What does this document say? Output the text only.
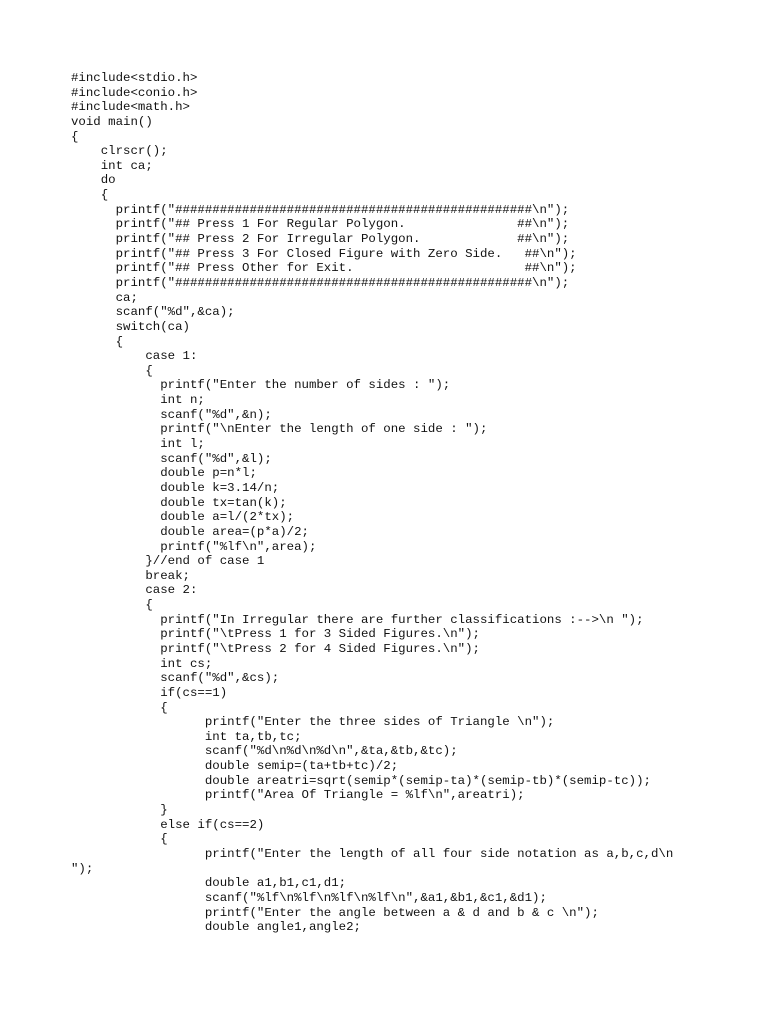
#include<stdio.h>
#include<conio.h>
#include<math.h>
void main()
{
clrscr();
int ca;
do
{
printf("################################################\n");
printf("## Press 1 For Regular Polygon.               ##\n");
printf("## Press 2 For Irregular Polygon.             ##\n");
printf("## Press 3 For Closed Figure with Zero Side.   ##\n");
printf("## Press Other for Exit.                       ##\n");
printf("################################################\n");
ca;
scanf("%d",&ca);
switch(ca)
{
case 1:
{
printf("Enter the number of sides : ");
int n;
scanf("%d",&n);
printf("\nEnter the length of one side : ");
int l;
scanf("%d",&l);
double p=n*l;
double k=3.14/n;
double tx=tan(k);
double a=l/(2*tx);
double area=(p*a)/2;
printf("%lf\n",area);
}//end of case 1
break;
case 2:
{
printf("In Irregular there are further classifications :-->\n ");
printf("\tPress 1 for 3 Sided Figures.\n");
printf("\tPress 2 for 4 Sided Figures.\n");
int cs;
scanf("%d",&cs);
if(cs==1)
{
printf("Enter the three sides of Triangle \n");
int ta,tb,tc;
scanf("%d\n%d\n%d\n",&ta,&tb,&tc);
double semip=(ta+tb+tc)/2;
double areatri=sqrt(semip*(semip-ta)*(semip-tb)*(semip-tc));
printf("Area Of Triangle = %lf\n",areatri);
}
else if(cs==2)
{
printf("Enter the length of all four side notation as a,b,c,d\n
");
double a1,b1,c1,d1;
scanf("%lf\n%lf\n%lf\n%lf\n",&a1,&b1,&c1,&d1);
printf("Enter the angle between a & d and b & c \n");
double angle1,angle2;
